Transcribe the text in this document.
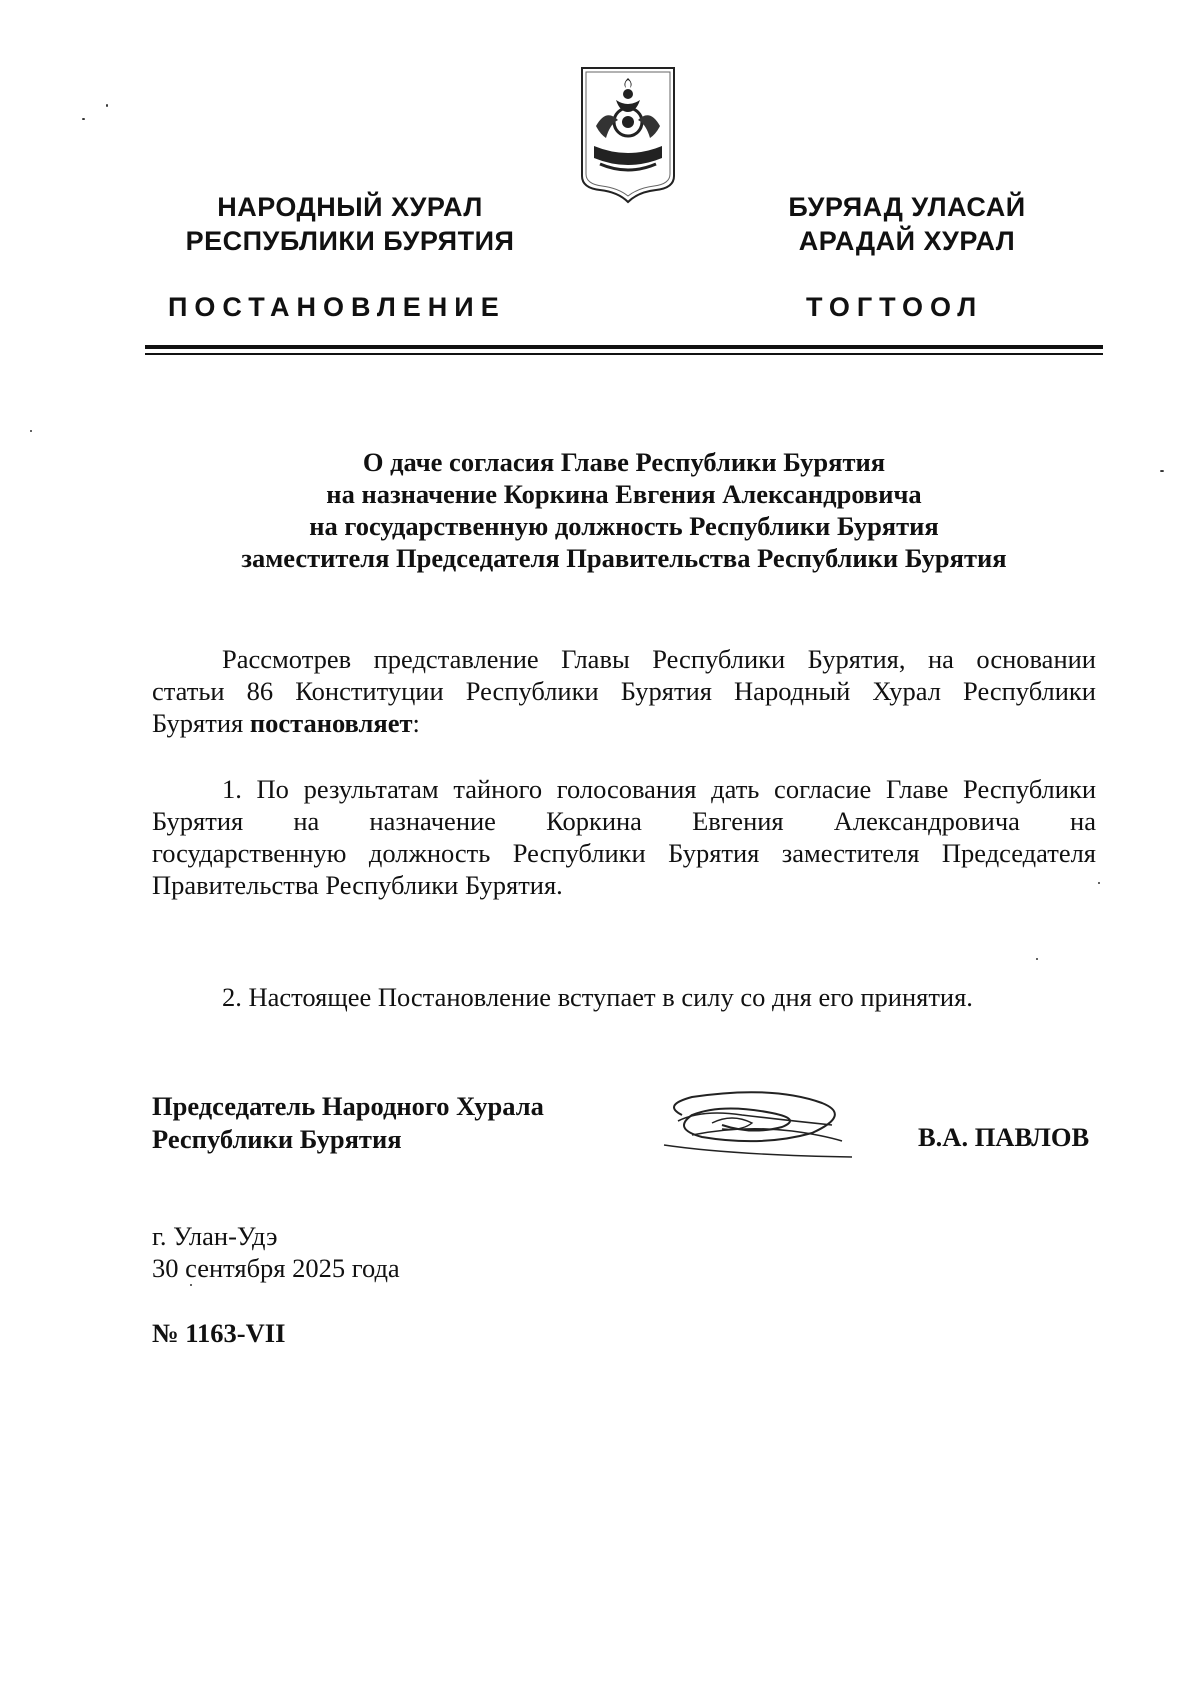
НАРОДНЫЙ ХУРАЛ
РЕСПУБЛИКИ БУРЯТИЯ
БУРЯАД УЛАСАЙ
АРАДАЙ ХУРАЛ
ПОСТАНОВЛЕНИЕ	ТОГТООЛ
О даче согласия Главе Республики Бурятия
на назначение Коркина Евгения Александровича
на государственную должность Республики Бурятия
заместителя Председателя Правительства Республики Бурятия
Рассмотрев представление Главы Республики Бурятия, на основании
статьи 86 Конституции Республики Бурятия Народный Хурал Республики
Бурятия постановляет:
1. По результатам тайного голосования дать согласие Главе Республики
Бурятия на назначение Коркина Евгения Александровича на
государственную должность Республики Бурятия заместителя Председателя
Правительства Республики Бурятия.
2. Настоящее Постановление вступает в силу со дня его принятия.
Председатель Народного Хурала
Республики Бурятия	В.А. ПАВЛОВ
г. Улан-Удэ
30 сентября 2025 года
№ 1163-VII
